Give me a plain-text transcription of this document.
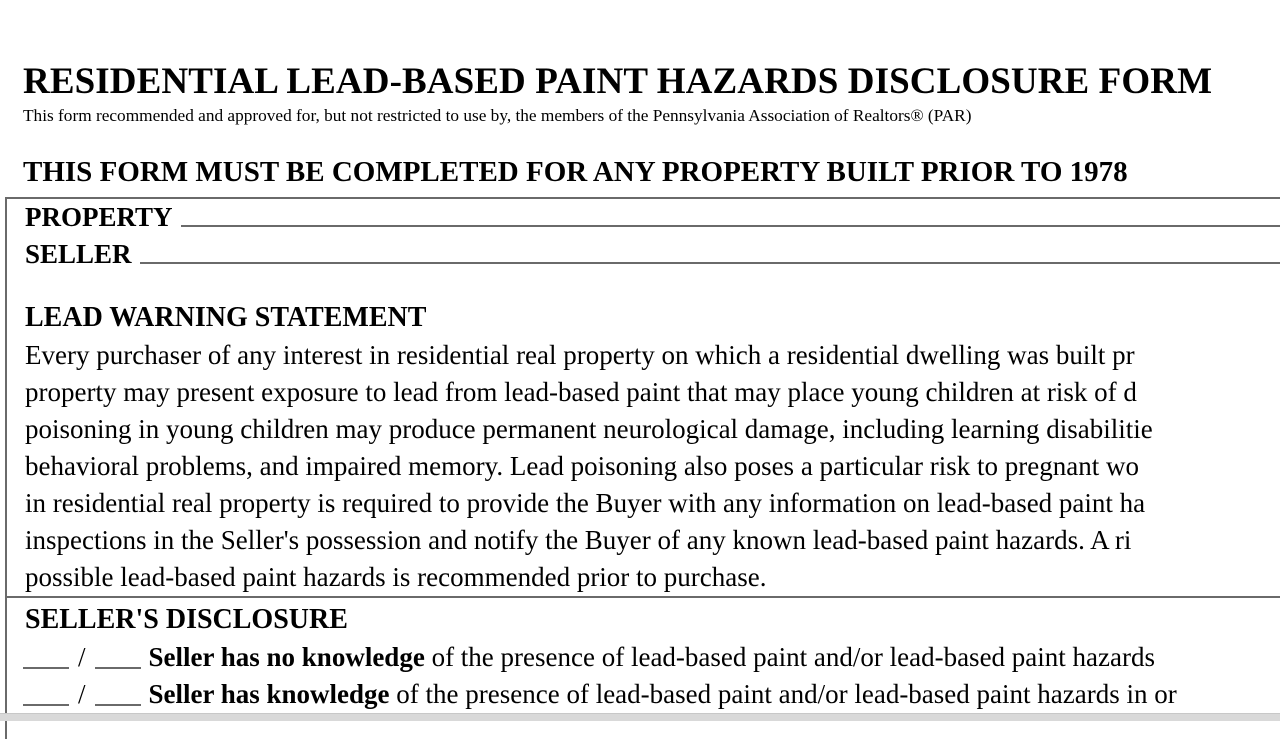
RESIDENTIAL LEAD-BASED PAINT HAZARDS DISCLOSURE FORM
This form recommended and approved for, but not restricted to use by, the members of the Pennsylvania Association of Realtors® (PAR)
THIS FORM MUST BE COMPLETED FOR ANY PROPERTY BUILT PRIOR TO 1978
PROPERTY
SELLER
LEAD WARNING STATEMENT
Every purchaser of any interest in residential real property on which a residential dwelling was built pr
property may present exposure to lead from lead-based paint that may place young children at risk of d
poisoning in young children may produce permanent neurological damage, including learning disabilitie
behavioral problems, and impaired memory. Lead poisoning also poses a particular risk to pregnant wo
in residential real property is required to provide the Buyer with any information on lead-based paint ha
inspections in the Seller's possession and notify the Buyer of any known lead-based paint hazards. A ri
possible lead-based paint hazards is recommended prior to purchase.
SELLER'S DISCLOSURE
/ Seller has no knowledge of the presence of lead-based paint and/or lead-based paint hazards
/ Seller has knowledge of the presence of lead-based paint and/or lead-based paint hazards in or
